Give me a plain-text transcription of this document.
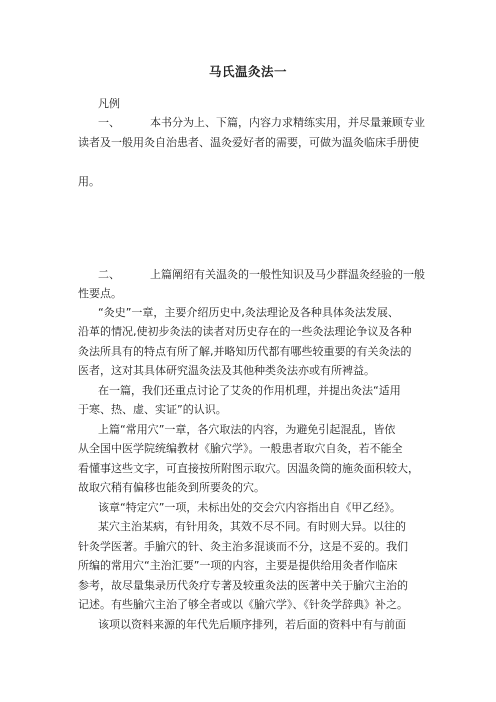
马氏温灸法一
凡例
一、	本书分为上、下篇，内容力求精练实用，并尽量兼顾专业
读者及一般用灸自治患者、温灸爱好者的需要，可做为温灸临床手册使
用。
二、	上篇阐绍有关温灸的一般性知识及马少群温灸经验的一般
性要点。
“灸史”一章，主要介绍历史中,灸法理论及各种具体灸法发展、
沿革的情况,使初步灸法的读者对历史存在的一些灸法理论争议及各种
灸法所具有的特点有所了解,并略知历代都有哪些较重要的有关灸法的
医者，这对其具体研究温灸法及其他种类灸法亦或有所裨益。
在一篇，我们还重点讨论了艾灸的作用机理，并提出灸法“适用
于寒、热、虚、实证”的认识。
上篇“常用穴”一章，各穴取法的内容，为避免引起混乱，皆依
从全国中医学院统编教材《腧穴学》。一般患者取穴自灸，若不能全
看懂事这些文字，可直接按所附图示取穴。因温灸筒的施灸面积较大，
故取穴稍有偏移也能灸到所要灸的穴。
该章“特定穴”一项，未标出处的交会穴内容指出自《甲乙经》。
某穴主治某病，有针用灸，其效不尽不同。有时则大异。以往的
针灸学医著。手腧穴的针、灸主治多混谈而不分，这是不妥的。我们
所编的常用穴“主治汇要”一项的内容，主要是提供给用灸者作临床
参考，故尽量集录历代灸疗专著及较重灸法的医著中关于腧穴主治的
记述。有些腧穴主治了够全者或以《腧穴学》、《针灸学辞典》补之。
该项以资料来源的年代先后顺序排列，若后面的资料中有与前面
